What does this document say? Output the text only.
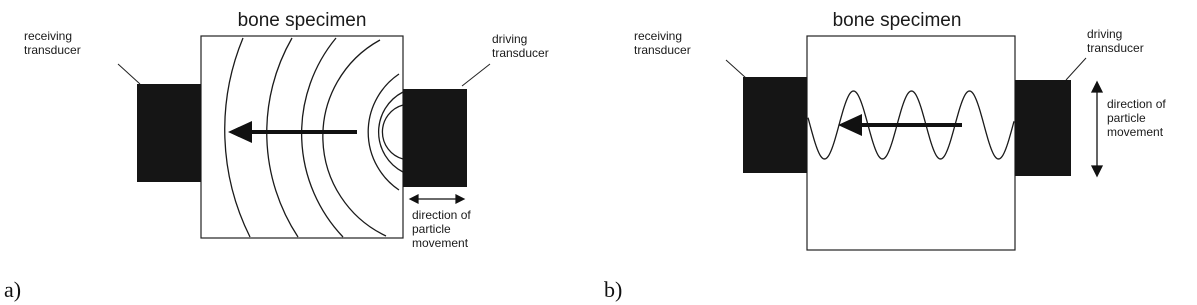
bone specimen
receiving transducer
driving transducer
direction of particle movement
a)
bone specimen
receiving transducer
driving transducer
direction of particle movement
b)
